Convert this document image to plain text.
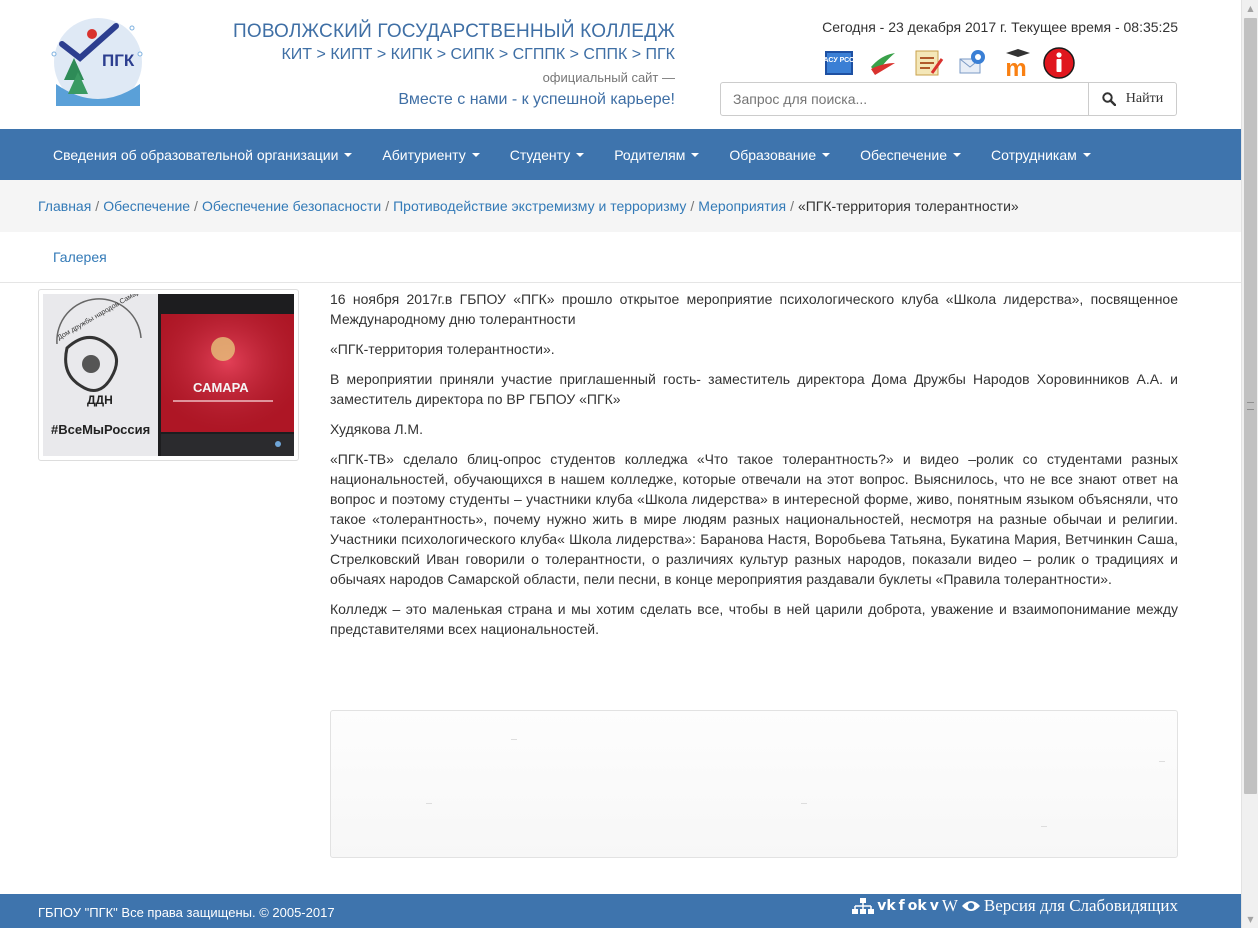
ПГК
ПОВОЛЖСКИЙ ГОСУДАРСТВЕННЫЙ КОЛЛЕДЖ
КИТ > КИПТ > КИПК > СИПК > СГППК > СППК > ПГК
официальный сайт —
Вместе с нами - к успешной карьере!
Сегодня - 23 декабря 2017 г. Текущее время - 08:35:25
АСУ РСО	m
Запрос для поиска...
Найти
Сведения об образовательной организации	Абитуриенту	Студенту	Родителям	Образование	Обеспечение	Сотрудникам
Главная / Обеспечение / Обеспечение безопасности / Противодействие экстремизму и терроризму / Мероприятия / «ПГК-территория толерантности»
Галерея
Дом дружбы народов
ДДН
#ВсеМыРоссия
САМАРА

16 ноября 2017г.в ГБПОУ «ПГК» прошло открытое мероприятие психологического клуба «Школа лидерства», посвященное Международному дню толерантности

«ПГК-территория толерантности».

В мероприятии приняли участие приглашенный гость- заместитель директора Дома Дружбы Народов Хоровинников А.А. и заместитель директора по ВР ГБПОУ «ПГК»

Худякова Л.М.

«ПГК-ТВ» сделало блиц-опрос студентов колледжа «Что такое толерантность?» и видео –ролик со студентами разных национальностей, обучающихся в нашем колледже, которые отвечали на этот вопрос. Выяснилось, что не все знают ответ на вопрос и поэтому студенты – участники клуба «Школа лидерства» в интересной форме, живо, понятным языком объясняли, что такое «толерантность», почему нужно жить в мире людям разных национальностей, несмотря на разные обычаи и религии. Участники психологического клуба« Школа лидерства»: Баранова Настя, Воробьева Татьяна, Букатина Мария, Ветчинкин Саша, Стрелковский Иван говорили о толерантности, о различиях культур разных народов, показали видео – ролик о традициях и обычаях народов Самарской области, пели песни, в конце мероприятия раздавали буклеты «Правила толерантности».

Колледж – это маленькая страна и мы хотим сделать все, чтобы в ней царили доброта, уважение и взаимопонимание между представителями всех национальностей.

ГБПОУ "ПГК" Все права защищены. © 2005-2017	vk f ok v W Версия для Слабовидящих
▲
▼
